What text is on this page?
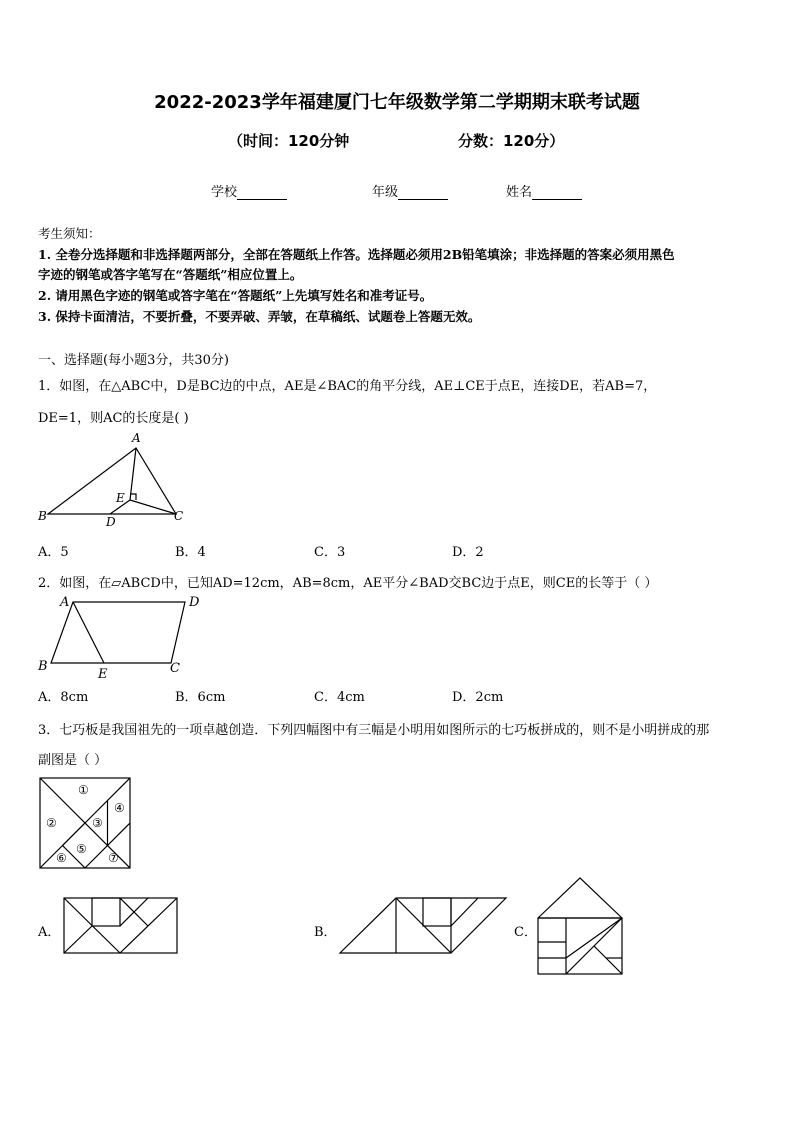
2022-2023学年福建厦门七年级数学第二学期期末联考试题
（时间：120分钟	分数：120分）
学校	年级	姓名
考生须知：
1. 全卷分选择题和非选择题两部分，全部在答题纸上作答。选择题必须用2B铅笔填涂；非选择题的答案必须用黑色
字迹的钢笔或答字笔写在“答题纸”相应位置上。
2. 请用黑色字迹的钢笔或答字笔在“答题纸”上先填写姓名和准考证号。
3. 保持卡面清洁，不要折叠，不要弄破、弄皱，在草稿纸、试题卷上答题无效。
一、选择题(每小题3分，共30分)
1．如图，在△ABC中，D是BC边的中点，AE是∠BAC的角平分线，AE⊥CE于点E，连接DE，若AB=7，
DE=1，则AC的长度是( )
A
B	C
D
E
A．5	B．4	C．3	D．2
2．如图，在▱ABCD中，已知AD=12cm，AB=8cm，AE平分∠BAD交BC边于点E，则CE的长等于（ ）
A	D
B
E	C
A．8cm	B．6cm	C．4cm	D．2cm
3．七巧板是我国祖先的一项卓越创造．下列四幅图中有三幅是小明用如图所示的七巧板拼成的，则不是小明拼成的那
副图是（ ）
①
②	③
④
⑤
⑥	⑦
A．	B．	C．
